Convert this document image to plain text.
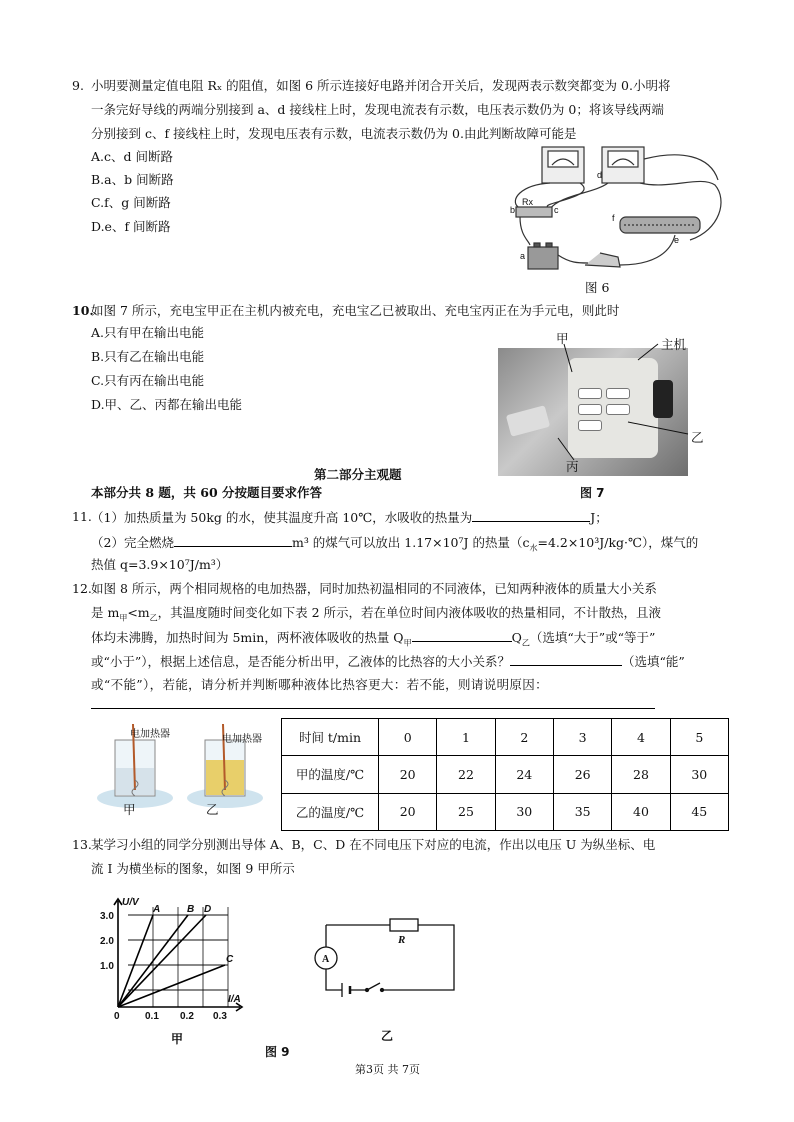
9. 小明要测量定值电阻 Rₓ 的阻值，如图 6 所示连接好电路并闭合开关后，发现两表示数突都变为 0.小明将
一条完好导线的两端分别接到 a、d 接线柱上时，发现电流表有示数，电压表示数仍为 0；将该导线两端
分别接到 c、f 接线柱上时，发现电压表有示数，电流表示数仍为 0.由此判断故障可能是
A.c、d 间断路
B.a、b 间断路
C.f、g 间断路
D.e、f 间断路
d
Rx
b	c
f
e
a
图 6
10.
如图 7 所示，充电宝甲正在主机内被充电，充电宝乙已被取出、充电宝丙正在为手元电，则此时
A.只有甲在输出电能
B.只有乙在输出电能
C.只有丙在输出电能
D.甲、乙、丙都在输出电能
甲	主机
乙
丙
图 7
第二部分主观题
本部分共 8 题，共 60 分按题目要求作答
11. （1）加热质量为 50kg 的水，使其温度升高 10℃，水吸收的热量为	J；
（2）完全燃烧	m³ 的煤气可以放出 1.17×10⁷J 的热量$(c_水=4.2\times 10^3J/kg\cdot℃)$，煤气的
热值 q=3.9×10⁷J/m³）
12. 如图 8 所示，两个相同规格的电加热器，同时加热初温相同的不同液体，已知两种液体的质量大小关系
是 $m_甲<m_乙$，其温度随时间变化如下表 2 所示，若在单位时间内液体吸收的热量相同，不计散热，且液
体均未沸腾，加热时间为 5min，两杯液体吸收的热量 $Q_甲$	$Q_乙$（选填“大于”或“等于”
或“小于”），根据上述信息，是否能分析出甲，乙液体的比热容的大小关系？	（选填“能”
或“不能”），若能，请分析并判断哪种液体比热容更大：若不能，则请说明原因：
电加热器	电加热器
甲	乙
时间 t/min	0	1	2	3	4	5
甲的温度/℃	20	22	24	26	28	30
乙的温度/℃	20	25	30	35	40	45
13. 某学习小组的同学分别测出导体 A、B，C、D 在不同电压下对应的电流，作出以电压 U 为纵坐标、电
流 I 为横坐标的图象，如图 9 甲所示
U/V
I/A
3.0
2.0
1.0
0	0.1 0.2 0.3
A	B D
C
甲
R
A
乙
图 9
第3页 共 7页
